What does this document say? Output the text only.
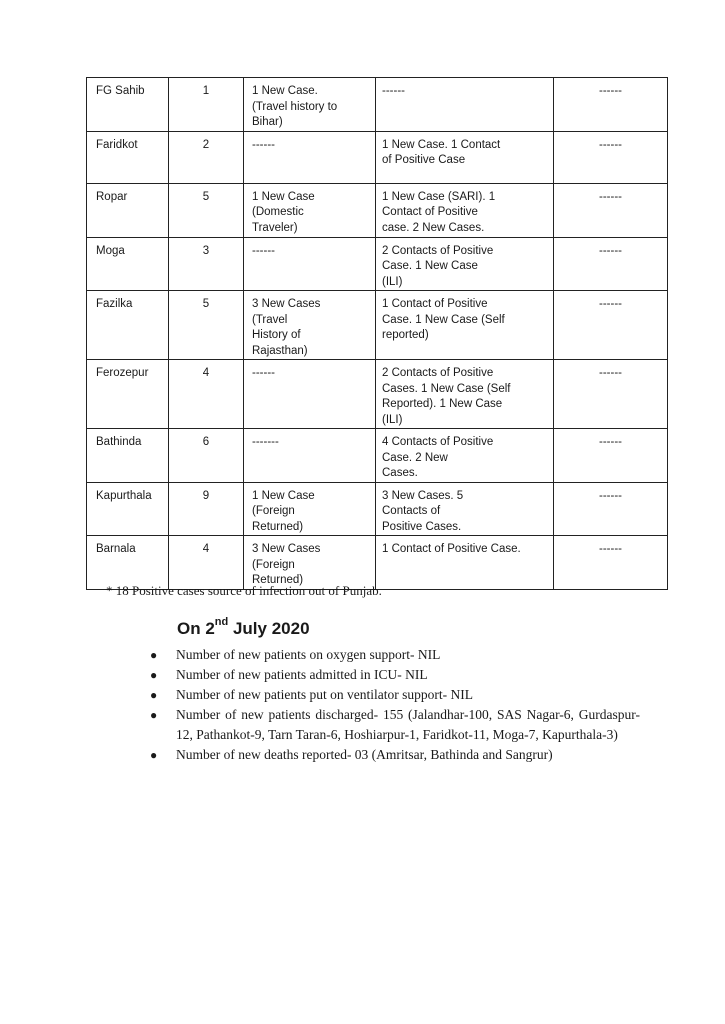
FG Sahib	1	1 New Case.
(Travel history to
Bihar)	------	------
Faridkot	2	------	1 New Case. 1 Contact
of Positive Case	------
Ropar	5	1 New Case
(Domestic
Traveler)	1 New Case (SARI). 1
Contact of Positive
case. 2 New Cases.	------
Moga	3	------	2 Contacts of Positive
Case. 1 New Case
(ILI)	------
Fazilka	5	3 New Cases
(Travel
History of
Rajasthan)	1 Contact of Positive
Case. 1 New Case (Self
reported)	------
Ferozepur	4	------	2 Contacts of Positive
Cases. 1 New Case (Self
Reported). 1 New Case
(ILI)	------
Bathinda	6	-------	4 Contacts of Positive
Case. 2 New
Cases.	------
Kapurthala	9	1 New Case
(Foreign
Returned)	3 New Cases. 5
Contacts of
Positive Cases.	------
Barnala	4	3 New Cases
(Foreign
Returned)	1 Contact of Positive Case.	------
* 18 Positive cases source of infection out of Punjab.
On 2nd July 2020
● Number of new patients on oxygen support- NIL
● Number of new patients admitted in ICU- NIL
● Number of new patients put on ventilator support- NIL
● Number of new patients discharged- 155 (Jalandhar-100, SAS Nagar-6, Gurdaspur-12, Pathankot-9, Tarn Taran-6, Hoshiarpur-1, Faridkot-11, Moga-7, Kapurthala-3)
● Number of new deaths reported- 03 (Amritsar, Bathinda and Sangrur)
